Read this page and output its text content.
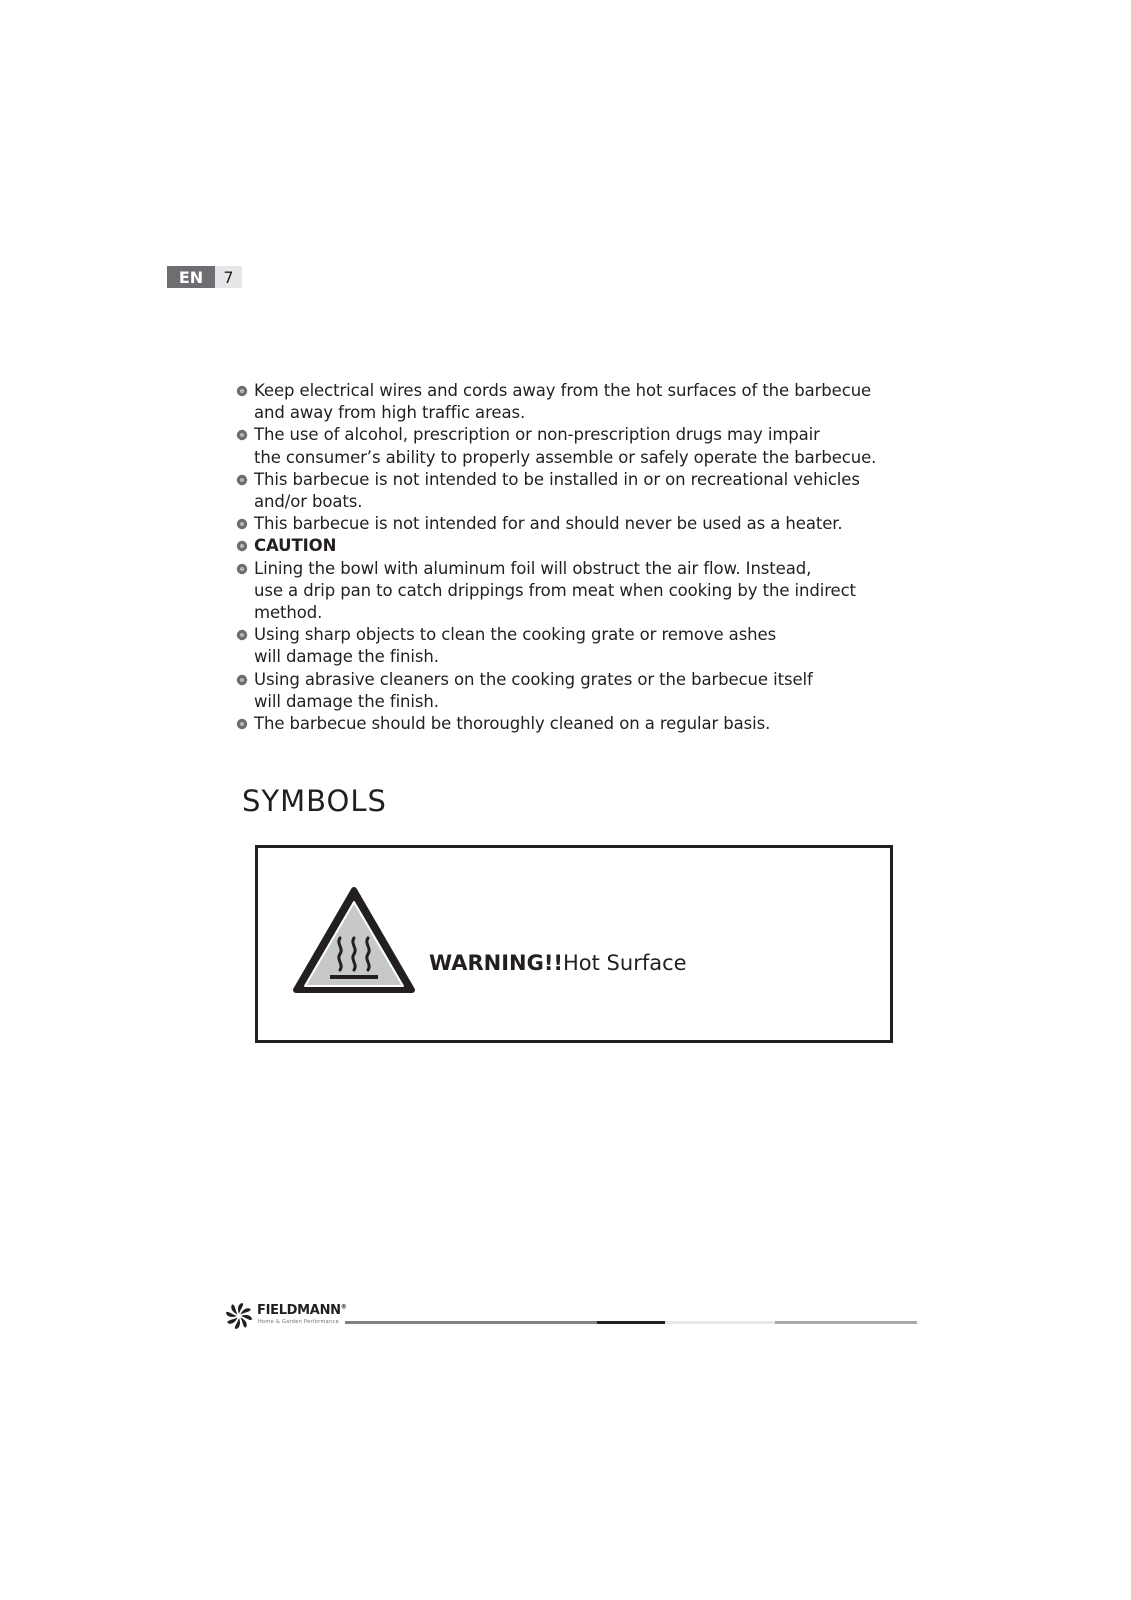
EN	7
Keep electrical wires and cords away from the hot surfaces of the barbecue
and away from high traffic areas.
The use of alcohol, prescription or non-prescription drugs may impair
the consumer’s ability to properly assemble or safely operate the barbecue.
This barbecue is not intended to be installed in or on recreational vehicles
and/or boats.
This barbecue is not intended for and should never be used as a heater.
CAUTION
Lining the bowl with aluminum foil will obstruct the air flow. Instead,
use a drip pan to catch drippings from meat when cooking by the indirect
method.
Using sharp objects to clean the cooking grate or remove ashes
will damage the finish.
Using abrasive cleaners on the cooking grates or the barbecue itself
will damage the finish.
The barbecue should be thoroughly cleaned on a regular basis.
SYMBOLS
WARNING!!Hot Surface
FIELDMANN®
Home & Garden Performance
